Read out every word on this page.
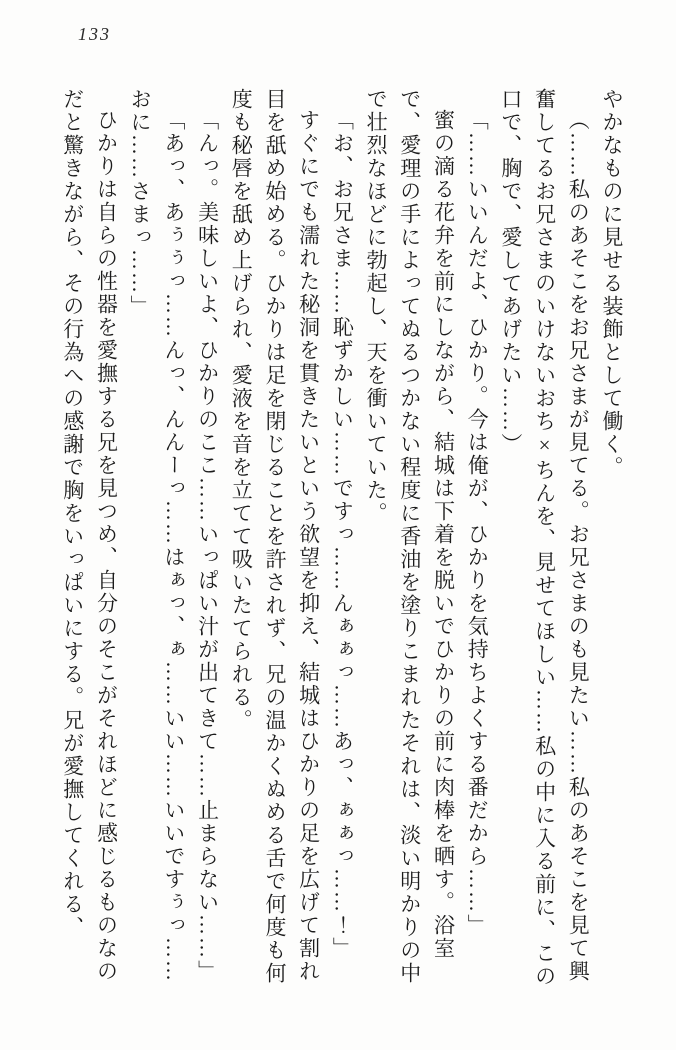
133

やかなものに見せる装飾として働く。

（……私のあそこをお兄さまが見てる。お兄さまのも見たい……私のあそこを見て興奮してるお兄さまのいけないおち×ちんを、見せてほしい……私の中に入る前に、この口で、胸で、愛してあげたい……）

「……いいんだよ、ひかり。今は俺が、ひかりを気持ちよくする番だから……」

蜜の滴る花弁を前にしながら、結城は下着を脱いでひかりの前に肉棒を晒す。浴室で、愛理の手によってぬるつかない程度に香油を塗りこまれたそれは、淡い明かりの中で壮烈なほどに勃起し、天を衝いていた。

「お、お兄さま……恥ずかしい……ですっ……んぁぁっ……あっ、ぁぁっ……！」

すぐにでも濡れた秘洞を貫きたいという欲望を抑え、結城はひかりの足を広げて割れ目を舐め始める。ひかりは足を閉じることを許されず、兄の温かくぬめる舌で何度も何度も秘唇を舐め上げられ、愛液を音を立てて吸いたてられる。

「んっ。美味しいよ、ひかりのここ……いっぱい汁が出てきて……止まらない……」

「あっ、あぅぅっ……んっ、んんーっ……はぁっ、ぁ……いい……いいですぅっ……おに……さまっ……」

ひかりは自らの性器を愛撫する兄を見つめ、自分のそこがそれほどに感じるものなのだと驚きながら、その行為への感謝で胸をいっぱいにする。兄が愛撫してくれる、
